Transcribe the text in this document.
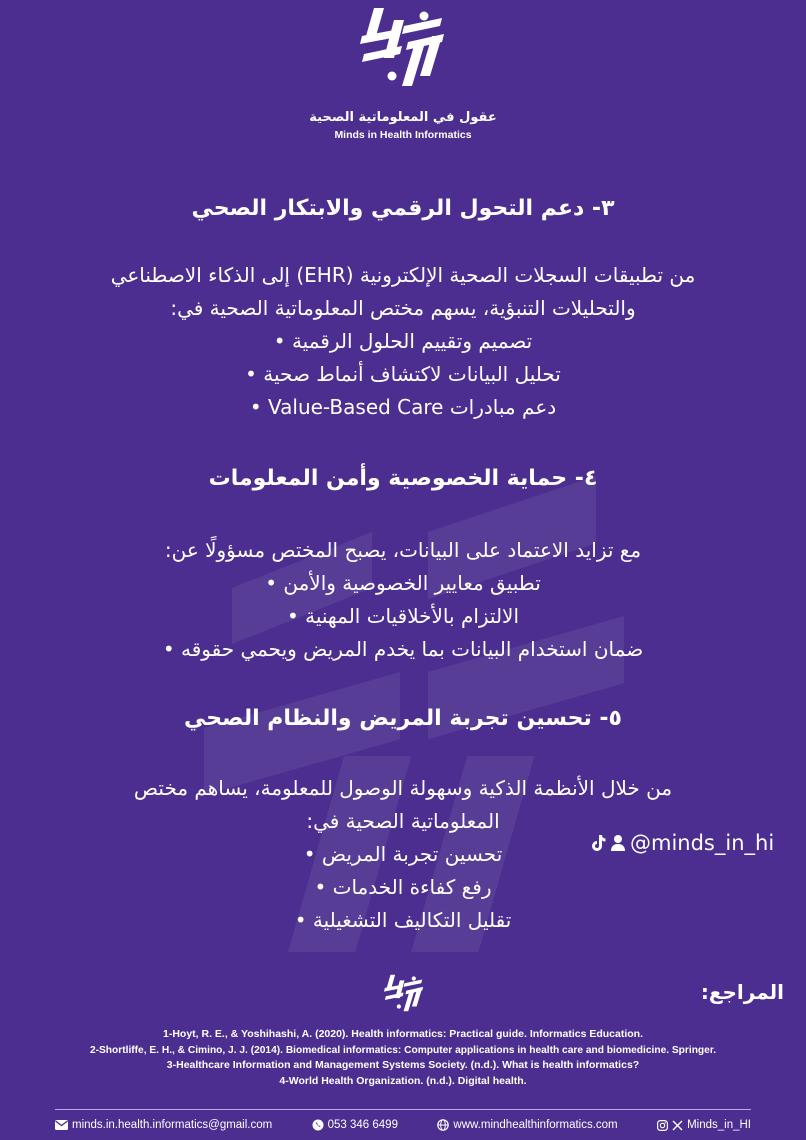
عقول في المعلوماتية الصحية
Minds in Health Informatics
٣- دعم التحول الرقمي والابتكار الصحي
من تطبيقات السجلات الصحية الإلكترونية (EHR) إلى الذكاء الاصطناعي
والتحليلات التنبؤية، يسهم مختص المعلوماتية الصحية في:
تصميم وتقييم الحلول الرقمية •
تحليل البيانات لاكتشاف أنماط صحية •
دعم مبادرات Value-Based Care •
٤- حماية الخصوصية وأمن المعلومات
مع تزايد الاعتماد على البيانات، يصبح المختص مسؤولًا عن:
تطبيق معايير الخصوصية والأمن •
الالتزام بالأخلاقيات المهنية •
ضمان استخدام البيانات بما يخدم المريض ويحمي حقوقه •
٥- تحسين تجربة المريض والنظام الصحي
من خلال الأنظمة الذكية وسهولة الوصول للمعلومة، يساهم مختص
المعلوماتية الصحية في:
تحسين تجربة المريض •
رفع كفاءة الخدمات •
تقليل التكاليف التشغيلية •
@minds_in_hi
المراجع:
1-Hoyt, R. E., & Yoshihashi, A. (2020). Health informatics: Practical guide. Informatics Education.
2-Shortliffe, E. H., & Cimino, J. J. (2014). Biomedical informatics: Computer applications in health care and biomedicine. Springer.
3-Healthcare Information and Management Systems Society. (n.d.). What is health informatics?
4-World Health Organization. (n.d.). Digital health.
minds.in.health.informatics@gmail.com	053 346 6499	www.mindhealthinformatics.com	Minds_in_HI
